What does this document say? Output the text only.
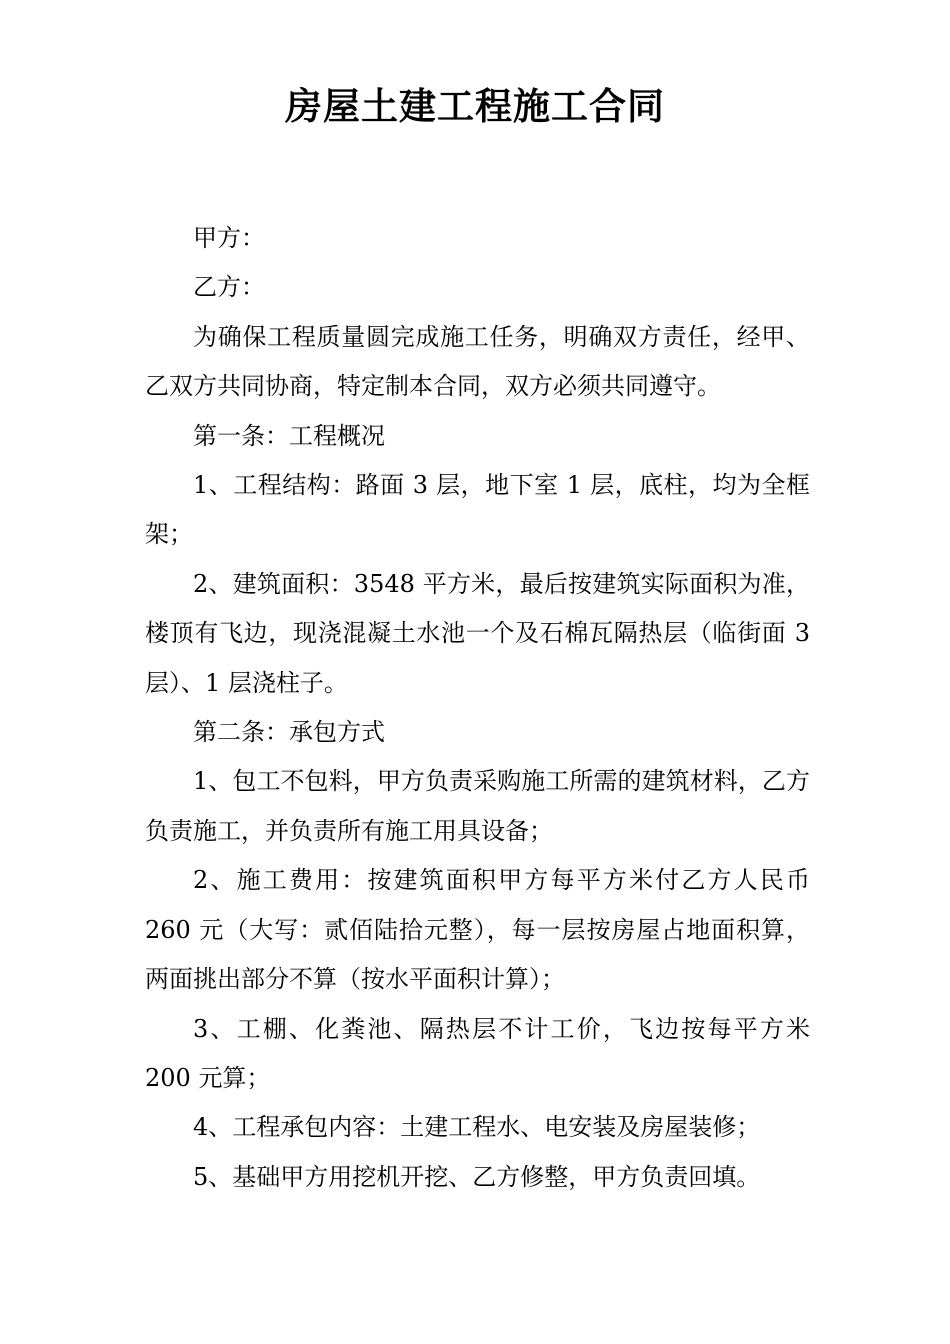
房屋土建工程施工合同

甲方：

乙方：

为确保工程质量圆完成施工任务，明确双方责任，经甲、乙双方共同协商，特定制本合同，双方必须共同遵守。

第一条：工程概况

1、工程结构：路面 3 层，地下室 1 层，底柱，均为全框架；

2、建筑面积：3548 平方米，最后按建筑实际面积为准，楼顶有飞边，现浇混凝土水池一个及石棉瓦隔热层（临街面 3 层）、1 层浇柱子。

第二条：承包方式

1、包工不包料，甲方负责采购施工所需的建筑材料，乙方负责施工，并负责所有施工用具设备；

2、施工费用：按建筑面积甲方每平方米付乙方人民币 260 元（大写：贰佰陆拾元整），每一层按房屋占地面积算，两面挑出部分不算（按水平面积计算）；

3、工棚、化粪池、隔热层不计工价，飞边按每平方米 200 元算；

4、工程承包内容：土建工程水、电安装及房屋装修；

5、基础甲方用挖机开挖、乙方修整，甲方负责回填。
